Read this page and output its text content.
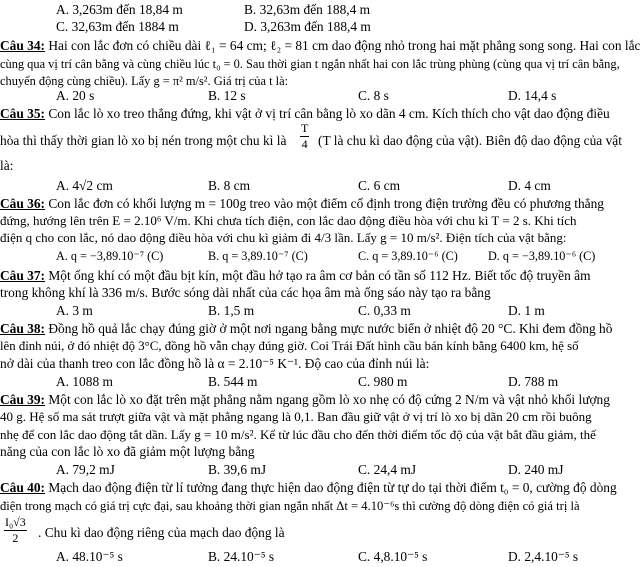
A. 3,263m đến 18,84 m	B. 32,63m đến 188,4 m
C. 32,63m đến 1884 m	D. 3,263m đến 188,4 m
Câu 34: Hai con lắc đơn có chiều dài ℓ₁ = 64 cm; ℓ₂ = 81 cm dao động nhỏ trong hai mặt phẳng song song. Hai con lắc
cùng qua vị trí cân bằng và cùng chiều lúc t₀ = 0. Sau thời gian t ngắn nhất hai con lắc trùng phùng (cùng qua vị trí cân bằng,
chuyển động cùng chiều). Lấy g = π² m/s². Giá trị của t là:
A. 20 s	B. 12 s	C. 8 s	D. 14,4 s
Câu 35: Con lắc lò xo treo thẳng đứng, khi vật ở vị trí cân bằng lò xo dãn 4 cm. Kích thích cho vật dao động điều
hòa thì thấy thời gian lò xo bị nén trong một chu kì là $\frac{T}{4} (T$ là chu kì dao động của vật). Biên độ dao động của vật
là:
A. 4√2 cm	B. 8 cm	C. 6 cm	D. 4 cm
Câu 36: Con lắc đơn có khối lượng m = 100g treo vào một điểm cố định trong điện trường đều có phương thẳng
đứng, hướng lên trên E = 2.10⁶ V/m. Khi chưa tích điện, con lắc dao động điều hòa với chu kì T = 2 s. Khi tích
điện q cho con lắc, nó dao động điều hòa với chu kì giảm đi 4/3 lần. Lấy g = 10 m/s². Điện tích của vật bằng:
A. q = −3,89.10⁻⁷ (C)	B. q = 3,89.10⁻⁷ (C)	C. q = 3,89.10⁻⁶ (C) D. q = −3,89.10⁻⁶ (C)
Câu 37: Một ống khí có một đầu bịt kín, một đầu hở tạo ra âm cơ bản có tần số 112 Hz. Biết tốc độ truyền âm
trong không khí là 336 m/s. Bước sóng dài nhất của các họa âm mà ống sáo này tạo ra bằng
A. 3 m	B. 1,5 m	C. 0,33 m	D. 1 m
Câu 38: Đồng hồ quả lắc chạy đúng giờ ở một nơi ngang bằng mực nước biển ở nhiệt độ 20 °C. Khi đem đồng hồ
lên đỉnh núi, ở đó nhiệt độ 3°C, đồng hồ vẫn chạy đúng giờ. Coi Trái Đất hình cầu bán kính bằng 6400 km, hệ số
nở dài của thanh treo con lắc đồng hồ là α = 2.10⁻⁵ K⁻¹. Độ cao của đỉnh núi là:
A. 1088 m	B. 544 m	C. 980 m	D. 788 m
Câu 39: Một con lắc lò xo đặt trên mặt phẳng nằm ngang gồm lò xo nhẹ có độ cứng 2 N/m và vật nhỏ khối lượng
40 g. Hệ số ma sát trượt giữa vật và mặt phẳng ngang là 0,1. Ban đầu giữ vật ở vị trí lò xo bị dãn 20 cm rồi buông
nhẹ để con lắc dao động tắt dần. Lấy g = 10 m/s². Kể từ lúc đầu cho đến thời điểm tốc độ của vật bắt đầu giảm, thế
năng của con lắc lò xo đã giảm một lượng bằng
A. 79,2 mJ	B. 39,6 mJ	C. 24,4 mJ	D. 240 mJ
Câu 40: Mạch dao động điện từ lí tưởng đang thực hiện dao động điện từ tự do tại thời điểm t₀ = 0, cường độ dòng
điện trong mạch có giá trị cực đại, sau khoảng thời gian ngắn nhất Δt = 4.10⁻⁶s thì cường độ dòng điện có giá trị là
$\frac{\text{I₀√3}}{2}$ . Chu kì dao động riêng của mạch dao động là
A. 48.10⁻⁵ s	B. 24.10⁻⁵ s	C. 4,8.10⁻⁵ s	D. 2,4.10⁻⁵ s
